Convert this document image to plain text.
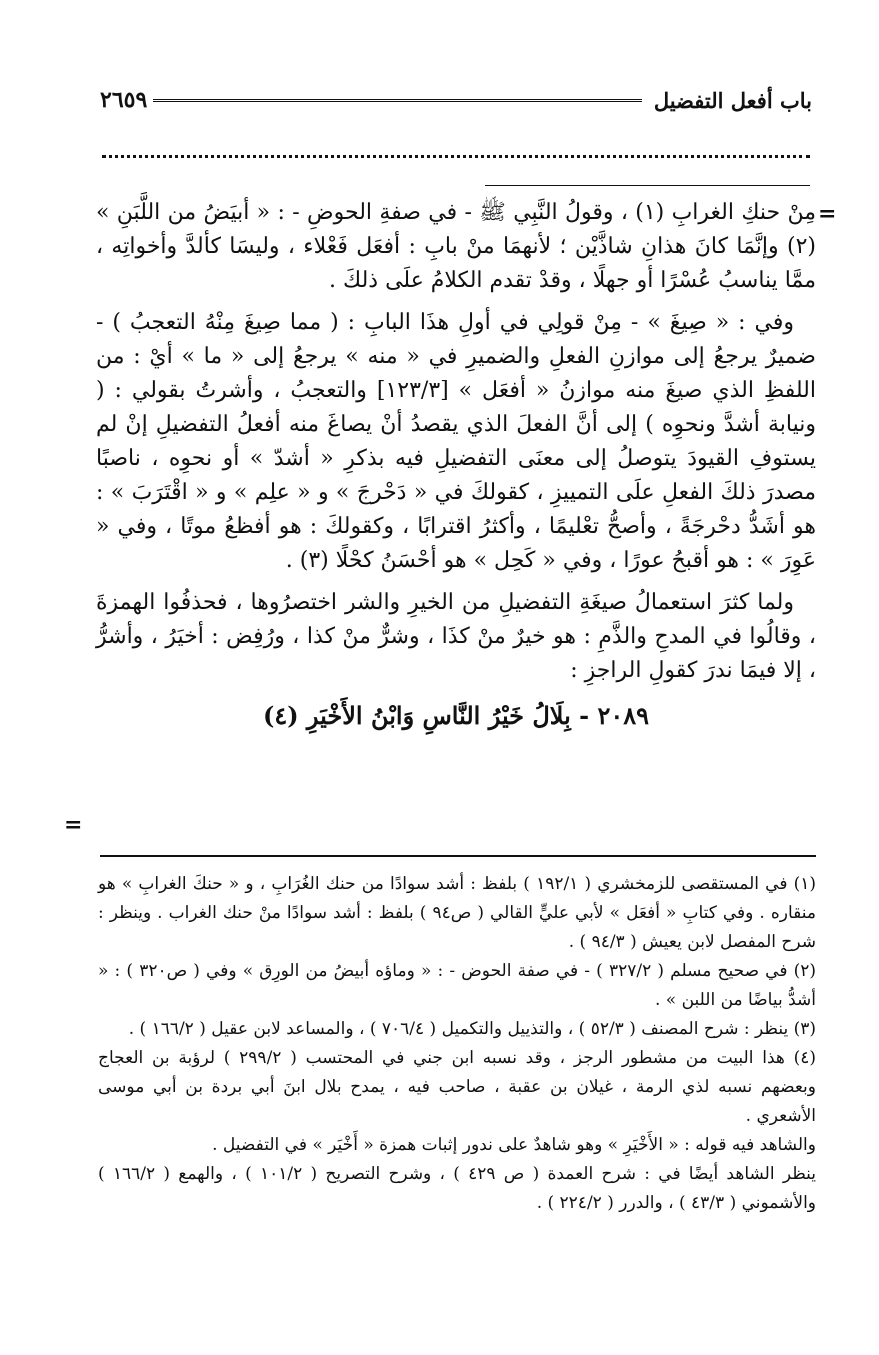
باب أفعل التفضيل
٢٦٥٩
=
=

مِنْ حنكِ الغرابِ (١) ، وقولُ النَّبِي ﷺ - في صفةِ الحوضِ - : « أبيَضُ من اللَّبَنِ » (٢) وإنَّمَا كانَ هذانِ شاذَّيْن ؛ لأنهمَا منْ بابِ : أفعَل فَعْلاء ، وليسَا كألدَّ وأخواتِه ، ممَّا يناسبُ عُسْرًا أو جهلًا ، وقدْ تقدم الكلامُ علَى ذلكَ .

وفي : « صِيغَ » - مِنْ قولِي في أولِ هذَا البابِ : ( مما صِيغَ مِنْهُ التعجبُ ) - ضميرٌ يرجعُ إلى موازنِ الفعلِ والضميرِ في « منه » يرجعُ إلى « ما » أيْ : من اللفظِ الذي صيغَ منه موازنُ « أفعَل » [١٢٣/٣] والتعجبُ ، وأشرتُ بقولي : ( ونيابة أشدَّ ونحوِه ) إلى أنَّ الفعلَ الذي يقصدُ أنْ يصاغَ منه أفعلُ التفضيلِ إنْ لم يستوفِ القيودَ يتوصلُ إلى معنَى التفضيلِ فيه بذكرِ « أشدّ » أو نحوِه ، ناصبًا مصدرَ ذلكَ الفعلِ علَى التمييزِ ، كقولكَ في « دَحْرجَ » و « علِم » و « اقْتَرَبَ » : هو أشَدُّ دحْرجَةً ، وأصحُّ تعْليمًا ، وأكثرُ اقترابًا ، وكقولكَ : هو أفظعُ موتًا ، وفي « عَوِرَ » : هو أقبحُ عورًا ، وفي « كَحِل » هو أحْسَنُ كحْلًا (٣) .

ولما كثرَ استعمالُ صيغَةِ التفضيلِ من الخيرِ والشر اختصرُوها ، فحذفُوا الهمزةَ ، وقالُوا في المدحِ والذَّمِ : هو خيرٌ منْ كذَا ، وشرٌّ منْ كذا ، ورُفِض : أخيَرُ ، وأشرُّ ، إلا فيمَا ندرَ كقولِ الراجزِ :

٢٠٨٩ - بِلَالُ خَيْرُ النَّاسِ وَابْنُ الأَخْيَرِ (٤)

(١) في المستقصى للزمخشري ( ١٩٢/١ ) بلفظ : أشد سوادًا من حنك الغُرَابِ ، و « حنكَ الغرابِ » هو منقاره . وفي كتابِ « أفعَل » لأبي عليٍّ القالي ( ص٩٤ ) بلفظ : أشد سوادًا منْ حنك الغراب . وينظر : شرح المفصل لابن يعيش ( ٩٤/٣ ) .

(٢) في صحيح مسلم ( ٣٢٧/٢ ) - في صفة الحوض - : « وماؤه أبيضُ من الورِق » وفي ( ص٣٢٠ ) : « أشدُّ بياضًا من اللبن » .

(٣) ينظر : شرح المصنف ( ٥٢/٣ ) ، والتذييل والتكميل ( ٧٠٦/٤ ) ، والمساعد لابن عقيل ( ١٦٦/٢ ) .

(٤) هذا البيت من مشطور الرجز ، وقد نسبه ابن جني في المحتسب ( ٢٩٩/٢ ) لرؤبة بن العجاج وبعضهم نسبه لذي الرمة ، غيلان بن عقبة ، صاحب فيه ، يمدح بلال ابنَ أبي بردة بن أبي موسى الأشعري .

والشاهد فيه قوله : « الأَخْيَرِ » وهو شاهدٌ على ندور إثبات همزة « أَخْيَر » في التفضيل .

ينظر الشاهد أيضًا في : شرح العمدة ( ص ٤٢٩ ) ، وشرح التصريح ( ١٠١/٢ ) ، والهمع ( ١٦٦/٢ ) والأشموني ( ٤٣/٣ ) ، والدرر ( ٢٢٤/٢ ) .
